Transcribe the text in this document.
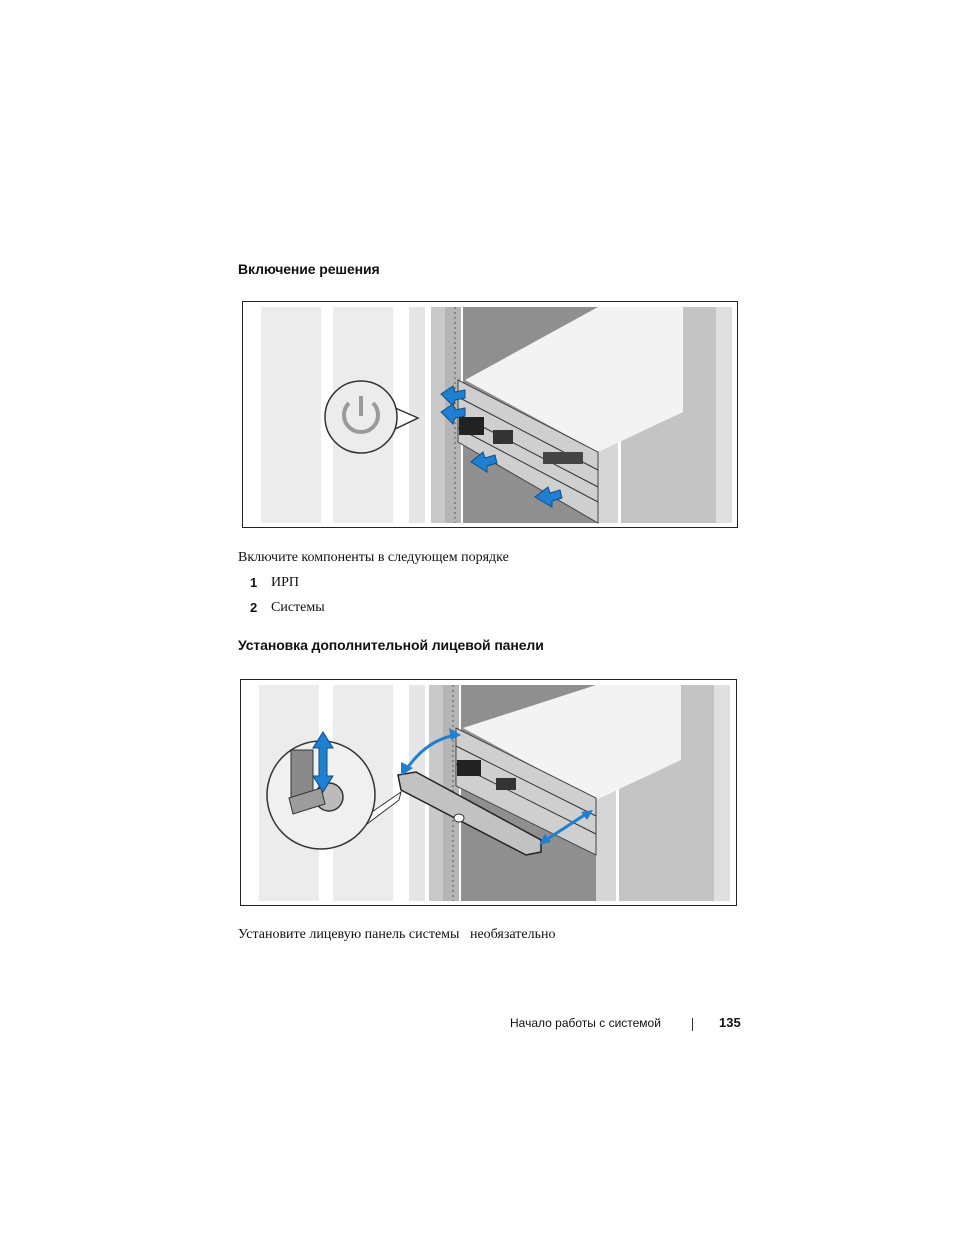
Включение решения
Включите компоненты в следующем порядке
1 ИРП
2 Системы
Установка дополнительной лицевой панели
Установите лицевую панель системы   необязательно
Начало работы с системой	135
